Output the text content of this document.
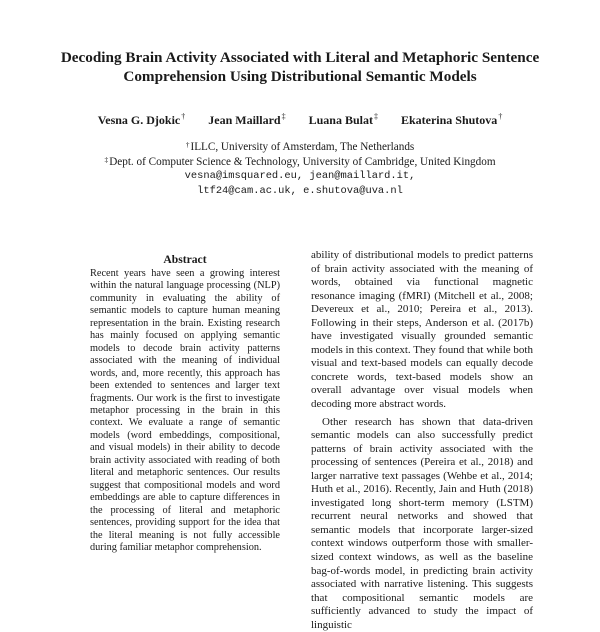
Decoding Brain Activity Associated with Literal and Metaphoric Sentence
Comprehension Using Distributional Semantic Models
Vesna G. Djokic† Jean Maillard‡ Luana Bulat‡ Ekaterina Shutova†
†ILLC, University of Amsterdam, The Netherlands
‡Dept. of Computer Science & Technology, University of Cambridge, United Kingdom
vesna@imsquared.eu, jean@maillard.it,
ltf24@cam.ac.uk, e.shutova@uva.nl
Abstract

Recent years have seen a growing interest within the natural language processing (NLP) community in evaluating the ability of semantic models to capture human meaning representation in the brain. Existing research has mainly focused on applying semantic models to decode brain activity patterns associated with the meaning of individual words, and, more recently, this approach has been extended to sentences and larger text fragments. Our work is the first to investigate metaphor processing in the brain in this context. We evaluate a range of semantic models (word embeddings, compositional, and visual models) in their ability to decode brain activity associated with reading of both literal and metaphoric sentences. Our results suggest that compositional models and word embeddings are able to capture differences in the processing of literal and metaphoric sentences, providing support for the idea that the literal meaning is not fully accessible during familiar metaphor comprehension.

ability of distributional models to predict patterns of brain activity associated with the meaning of words, obtained via functional magnetic resonance imaging (fMRI) (Mitchell et al., 2008; Devereux et al., 2010; Pereira et al., 2013). Following in their steps, Anderson et al. (2017b) have investigated visually grounded semantic models in this context. They found that while both visual and text-based models can equally decode concrete words, text-based models show an overall advantage over visual models when decoding more abstract words.

Other research has shown that data-driven semantic models can also successfully predict patterns of brain activity associated with the processing of sentences (Pereira et al., 2018) and larger narrative text passages (Wehbe et al., 2014; Huth et al., 2016). Recently, Jain and Huth (2018) investigated long short-term memory (LSTM) recurrent neural networks and showed that semantic models that incorporate larger-sized context windows outperform those with smaller-sized context windows, as well as the baseline bag-of-words model, in predicting brain activity associated with narrative listening. This suggests that compositional semantic models are sufficiently advanced to study the impact of linguistic
